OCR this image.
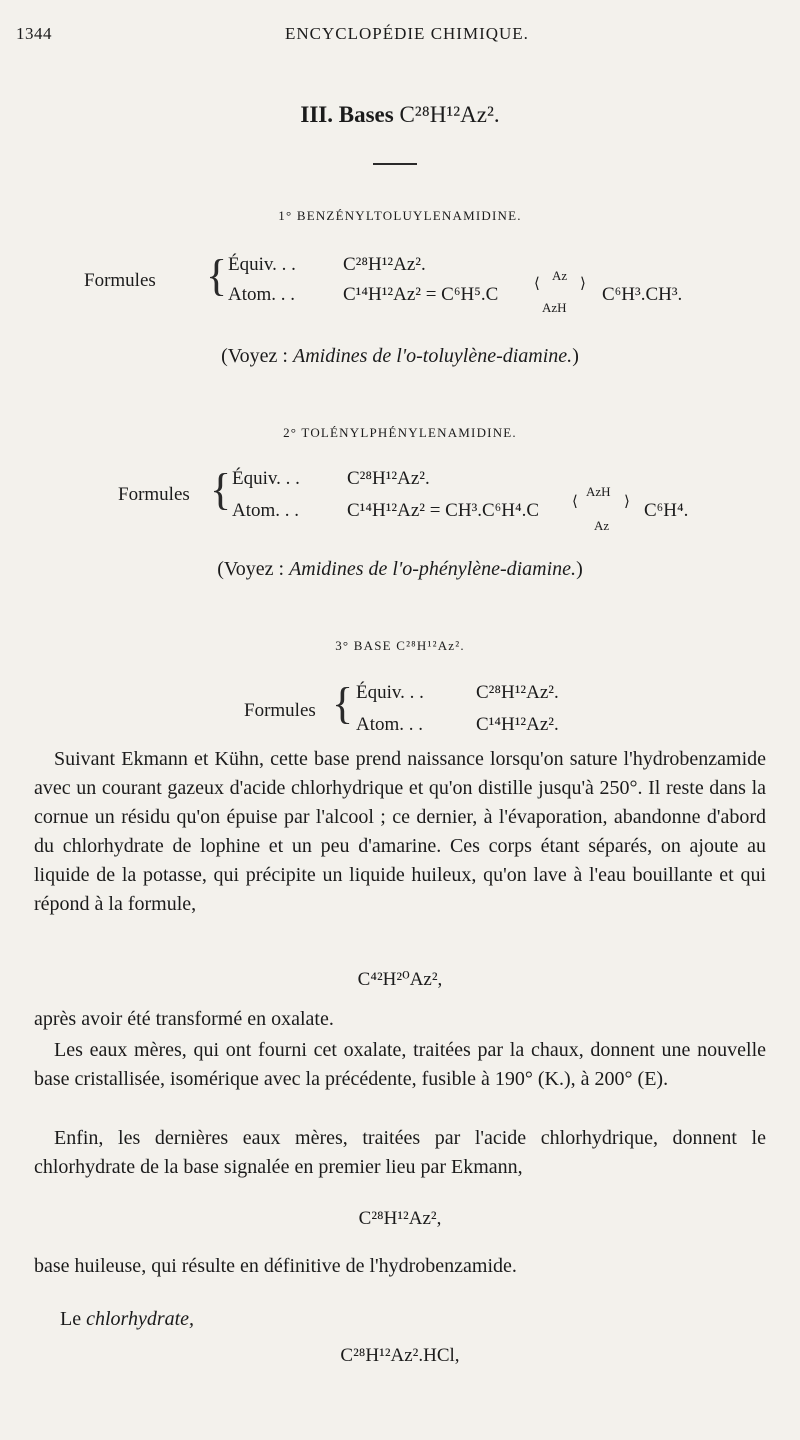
1344	ENCYCLOPÉDIE CHIMIQUE.
III. Bases C²⁸H¹²Az².
1° BENZÉNYLTOLUYLENAMIDINE.
Formules { Équiv. . . C²⁸H¹²Az².
Atom. . .	C¹⁴H¹²Az² = C⁶H⁵.C
Az
AzH
⟨	⟩ C⁶H³.CH³.
(Voyez : Amidines de l'o-toluylène-diamine.)
2° TOLÉNYLPHÉNYLENAMIDINE.
Formules { Équiv. . . C²⁸H¹²Az².
Atom. . .	C¹⁴H¹²Az² = CH³.C⁶H⁴.C
AzH
Az
⟨	⟩ C⁶H⁴.
(Voyez : Amidines de l'o-phénylène-diamine.)
3° BASE C²⁸H¹²Az².
Formules { Équiv. . .	C²⁸H¹²Az².
Atom. . .	C¹⁴H¹²Az².

Suivant Ekmann et Kühn, cette base prend naissance lorsqu'on sature l'hydrobenzamide avec un courant gazeux d'acide chlorhydrique et qu'on distille jusqu'à 250°. Il reste dans la cornue un résidu qu'on épuise par l'alcool ; ce dernier, à l'évaporation, abandonne d'abord du chlorhydrate de lophine et un peu d'amarine. Ces corps étant séparés, on ajoute au liquide de la potasse, qui précipite un liquide huileux, qu'on lave à l'eau bouillante et qui répond à la formule,

C⁴²H²⁰Az²,

après avoir été transformé en oxalate.

Les eaux mères, qui ont fourni cet oxalate, traitées par la chaux, donnent une nouvelle base cristallisée, isomérique avec la précédente, fusible à 190° (K.), à 200° (E).

Enfin, les dernières eaux mères, traitées par l'acide chlorhydrique, donnent le chlorhydrate de la base signalée en premier lieu par Ekmann,

C²⁸H¹²Az²,

base huileuse, qui résulte en définitive de l'hydrobenzamide.

Le chlorhydrate,
C²⁸H¹²Az².HCl,
